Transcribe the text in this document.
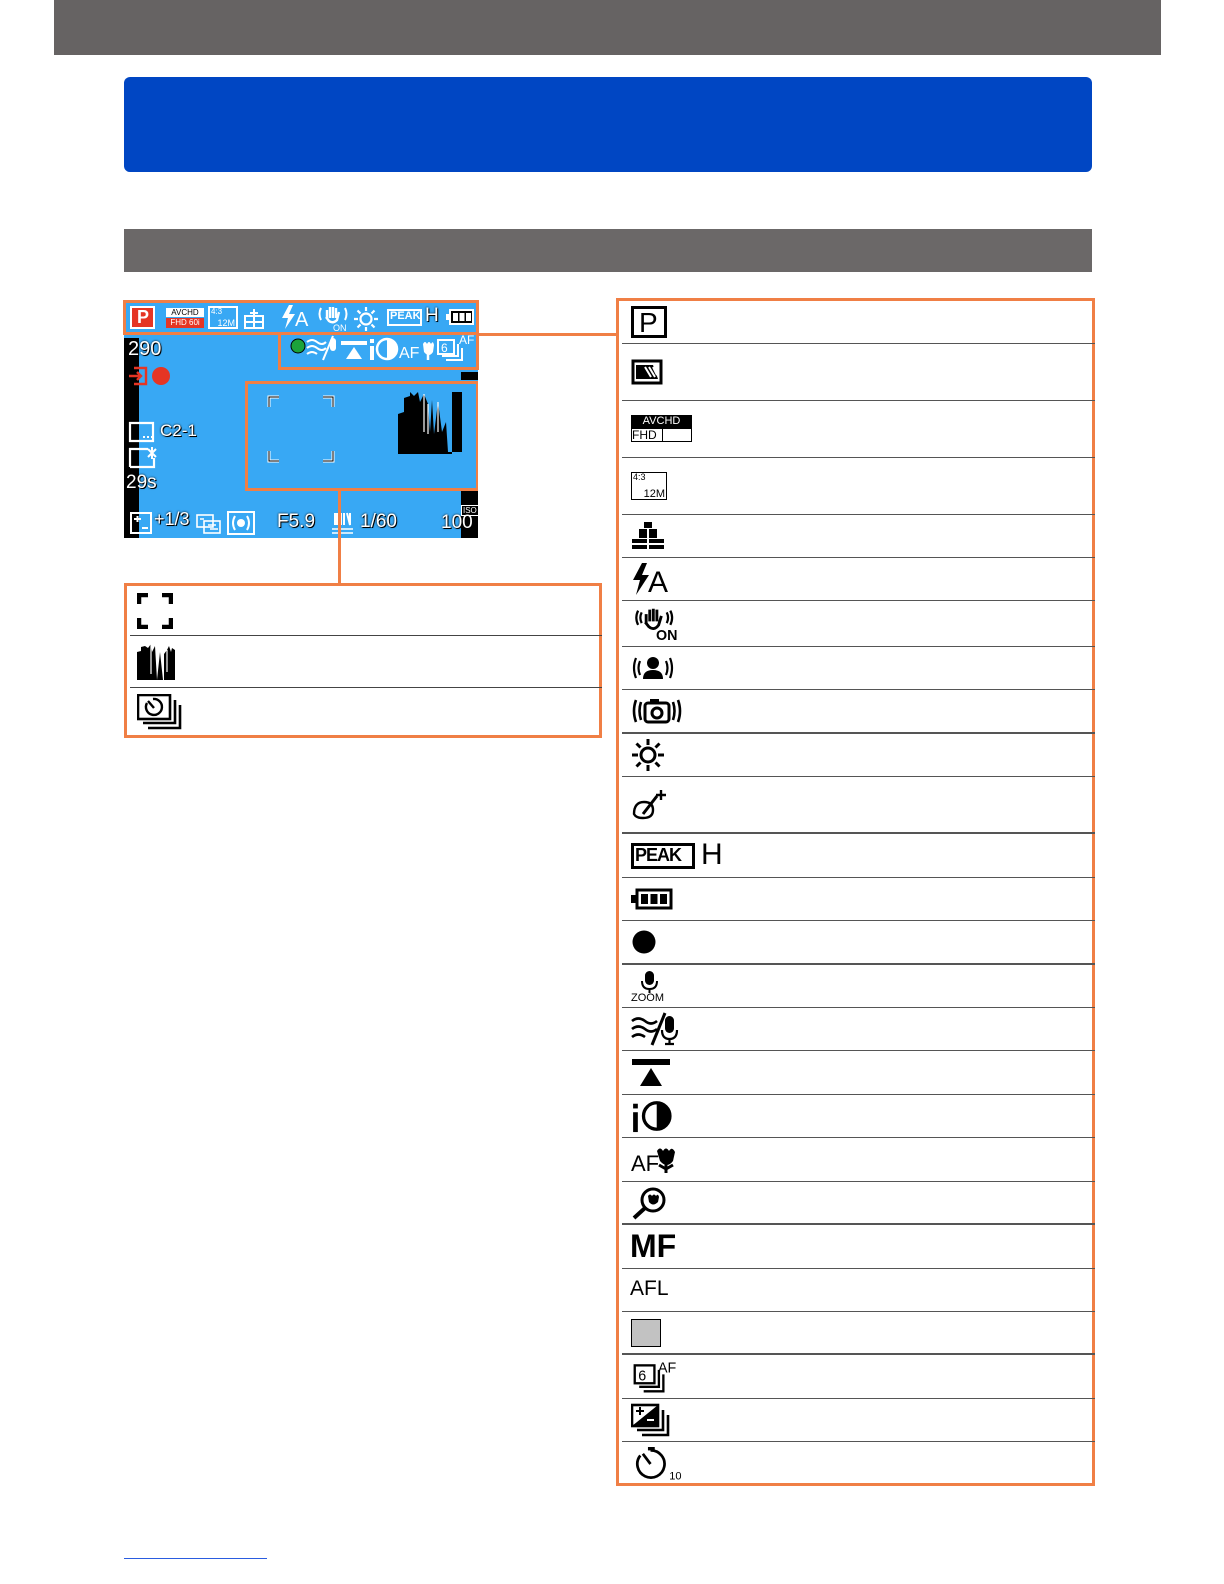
P	AVCHD
FHD 60i
4:3
12M	A	ON
PEAK H
AF 6
AF
290
C2-1
29s
+1/3	F5.9 1/60 100
ISO
P
AVCHD
FHD
4:3
12M
A
ON
PEAK H
ZOOM
AF
MF
AFL
6
AF
10
